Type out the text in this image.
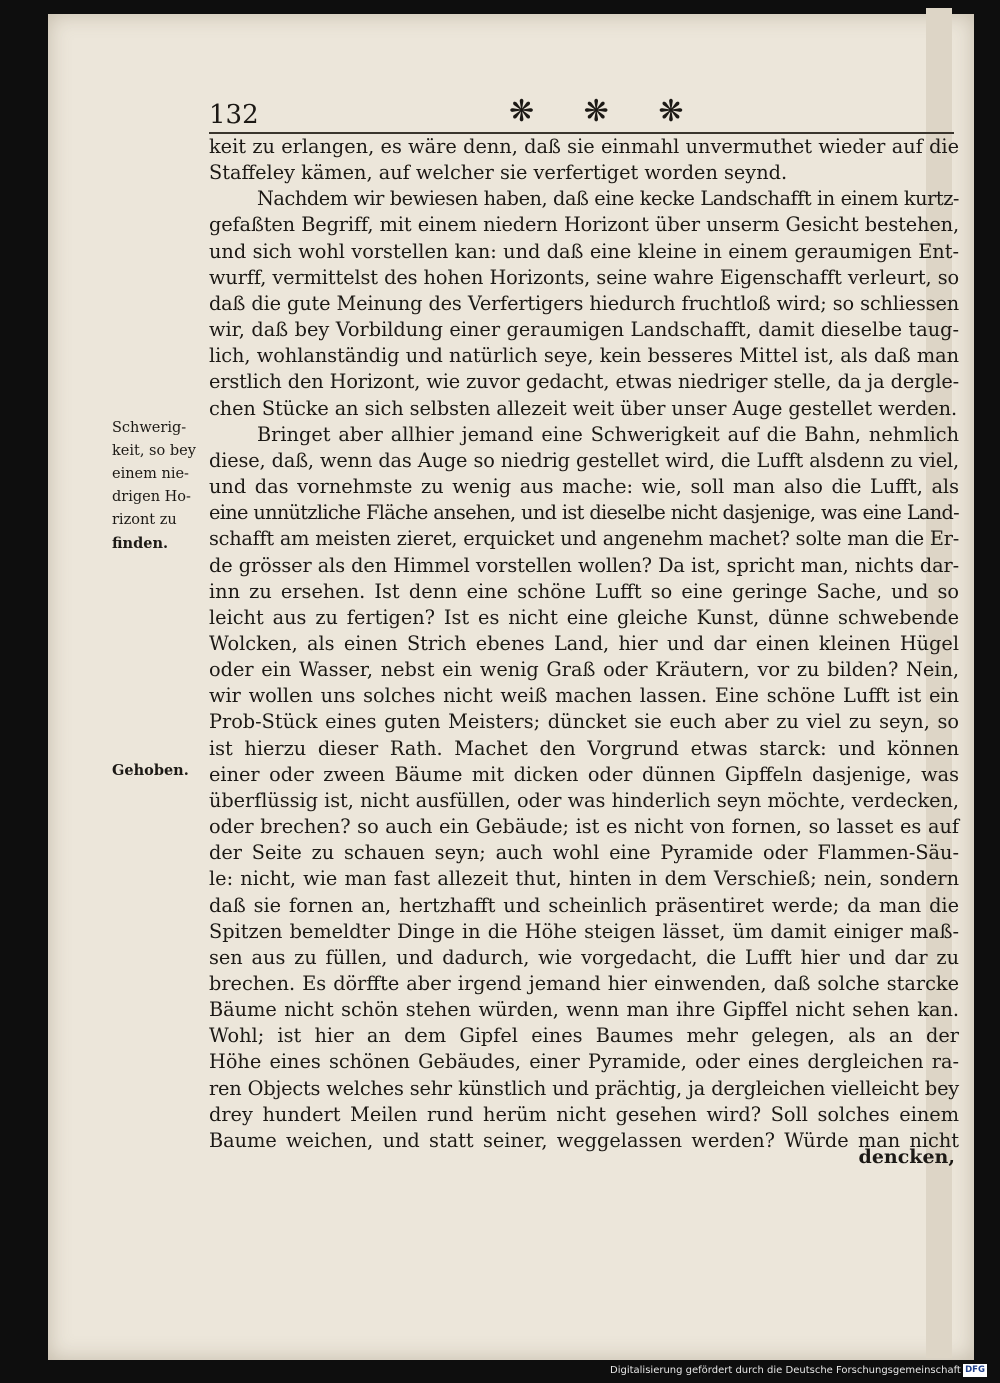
132	❋ ❋ ❋
keit zu erlangen, es wäre denn, daß sie einmahl unvermuthet wieder auf die
Staffeley kämen, auf welcher sie verfertiget worden seynd.
Nachdem wir bewiesen haben, daß eine kecke Landschafft in einem kurtz-
gefaßten Begriff, mit einem niedern Horizont über unserm Gesicht bestehen,
und sich wohl vorstellen kan: und daß eine kleine in einem geraumigen Ent-
wurff, vermittelst des hohen Horizonts, seine wahre Eigenschafft verleurt, so
daß die gute Meinung des Verfertigers hiedurch fruchtloß wird; so schliessen
wir, daß bey Vorbildung einer geraumigen Landschafft, damit dieselbe taug-
lich, wohlanständig und natürlich seye, kein besseres Mittel ist, als daß man
erstlich den Horizont, wie zuvor gedacht, etwas niedriger stelle, da ja dergle-
chen Stücke an sich selbsten allezeit weit über unser Auge gestellet werden.
Bringet aber allhier jemand eine Schwerigkeit auf die Bahn, nehmlich
diese, daß, wenn das Auge so niedrig gestellet wird, die Lufft alsdenn zu viel,
und das vornehmste zu wenig aus mache: wie, soll man also die Lufft, als
eine unnützliche Fläche ansehen, und ist dieselbe nicht dasjenige, was eine Land-
schafft am meisten zieret, erquicket und angenehm machet? solte man die Er-
de grösser als den Himmel vorstellen wollen? Da ist, spricht man, nichts dar-
inn zu ersehen. Ist denn eine schöne Lufft so eine geringe Sache, und so
leicht aus zu fertigen? Ist es nicht eine gleiche Kunst, dünne schwebende
Wolcken, als einen Strich ebenes Land, hier und dar einen kleinen Hügel
oder ein Wasser, nebst ein wenig Graß oder Kräutern, vor zu bilden? Nein,
wir wollen uns solches nicht weiß machen lassen. Eine schöne Lufft ist ein
Prob-Stück eines guten Meisters; düncket sie euch aber zu viel zu seyn, so
ist hierzu dieser Rath. Machet den Vorgrund etwas starck: und können
einer oder zween Bäume mit dicken oder dünnen Gipffeln dasjenige, was
überflüssig ist, nicht ausfüllen, oder was hinderlich seyn möchte, verdecken,
oder brechen? so auch ein Gebäude; ist es nicht von fornen, so lasset es auf
der Seite zu schauen seyn; auch wohl eine Pyramide oder Flammen-Säu-
le: nicht, wie man fast allezeit thut, hinten in dem Verschieß; nein, sondern
daß sie fornen an, hertzhafft und scheinlich präsentiret werde; da man die
Spitzen bemeldter Dinge in die Höhe steigen lässet, üm damit einiger maß-
sen aus zu füllen, und dadurch, wie vorgedacht, die Lufft hier und dar zu
brechen. Es dörffte aber irgend jemand hier einwenden, daß solche starcke
Bäume nicht schön stehen würden, wenn man ihre Gipffel nicht sehen kan.
Wohl; ist hier an dem Gipfel eines Baumes mehr gelegen, als an der
Höhe eines schönen Gebäudes, einer Pyramide, oder eines dergleichen ra-
ren Objects welches sehr künstlich und prächtig, ja dergleichen vielleicht bey
drey hundert Meilen rund herüm nicht gesehen wird? Soll solches einem
Baume weichen, und statt seiner, weggelassen werden? Würde man nicht
dencken,
Schwerig-
keit, so bey
einem nie-
drigen Ho-
rizont zu
finden.
Gehoben.
Digitalisierung gefördert durch die Deutsche Forschungsgemeinschaft DFG
